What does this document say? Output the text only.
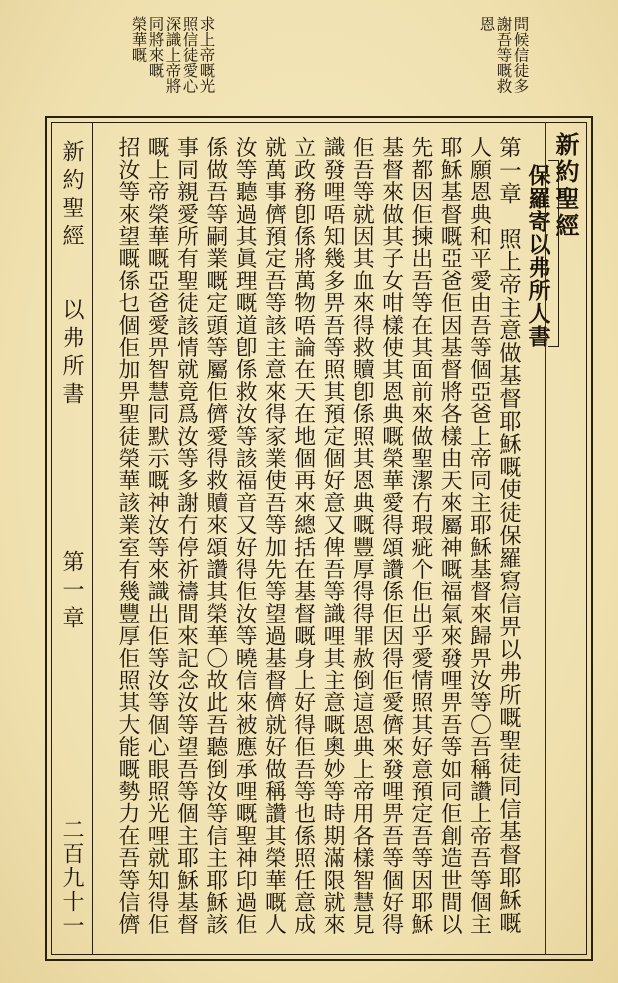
問候信徒多
謝吾等嘅救
恩
求上帝嘅光
照信徒愛心
深識上帝將
同將來嘅
榮華嘅
新約聖經
保羅寄以弗所人書
第一章　照上帝主意做基督耶穌嘅使徒保羅寫信畀以弗所嘅聖徒同信基督耶穌嘅
人願恩典和平愛由吾等個亞爸上帝同主耶穌基督來歸畀汝等〇吾稱讚上帝吾等個主
耶穌基督嘅亞爸佢因基督將各樣由天來屬神嘅福氣來發哩畀吾等如同佢創造世間以
先都因佢揀出吾等在其面前來做聖潔冇瑕疵个佢出乎愛情照其好意預定吾等因耶穌
基督來做其子女咁樣使其恩典嘅榮華愛得頌讚係佢因得佢愛儕來發哩畀吾等個好得
佢吾等就因其血來得救贖卽係照其恩典嘅豐厚得得罪赦倒這恩典上帝用各樣智慧見
識發哩唔知幾多畀吾等照其預定個好意又俾吾等識哩其主意嘅奧妙等時期滿限就來
立政務卽係將萬物唔論在天在地個再來總括在基督嘅身上好得佢吾等也係照任意成
就萬事儕預定吾等該主意來得家業使吾等加先等望過基督儕就好做稱讚其榮華嘅人
汝等聽過其眞理嘅道卽係救汝等該福音又好得佢汝等曉信來被應承哩嘅聖神印過佢
係做吾等嗣業嘅定頭等屬佢儕愛得救贖來頌讚其榮華〇故此吾聽倒汝等信主耶穌該
事同親愛所有聖徒該情就竟爲汝等多謝冇停祈禱間來記念汝等望吾等個主耶穌基督
嘅上帝榮華嘅亞爸愛畀智慧同默示嘅神汝等來識出佢等汝等個心眼照光哩就知得佢
招汝等來望嘅係乜個佢加畀聖徒榮華該業室有幾豐厚佢照其大能嘅勢力在吾等信儕
新約聖經
以弗所書
第一章
二百九十一
